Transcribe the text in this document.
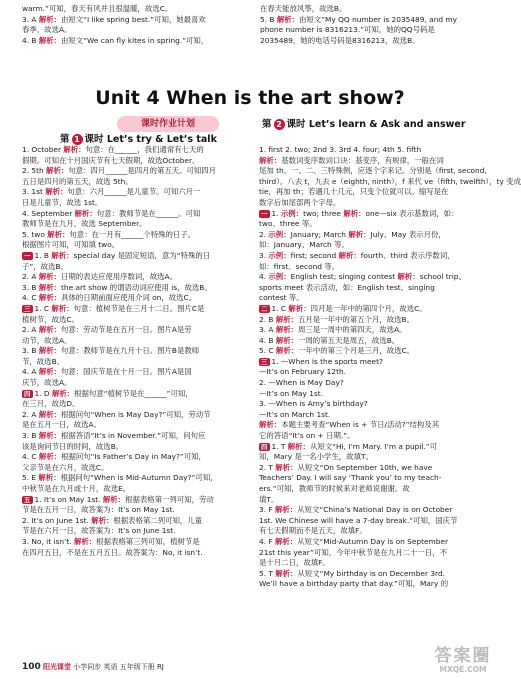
warm.”可知，春天有风并且很温暖，故选C。
3. A 解析：由短文“I like spring best.”可知，她最喜欢
春季，故选A。
4. B 解析：由短文“We can fly kites in spring.”可知，
在春天能放风筝，故选B。
5. B 解析：由短文“My QQ number is 2035489, and my
phone number is 8316213.”可知，她的QQ号码是
2035489，她的电话号码是8316213，故选B。
Unit 4 When is the art show?
课时作业计划
第 1 课时 Let’s try & Let’s talk
第 2 课时 Let’s learn & Ask and answer
1. October 解析：句意：在______，我们通常有七天的
假期。可知在十月国庆节有七天假期，故选October。
2. 5th 解析：句意：四月______是四月的第五天。可知四月
五日是四月的第五天，故选 5th。
3. 1st 解析：句意：六月______是儿童节。可知六月一
日是儿童节，故选 1st。
4. September 解析：句意：教师节是在______。可知
教师节是在九月，故选 September。
5. two 解析：句意：在一月有______个特殊的日子。
根据图片可知，可知填 two。
一 1. B 解析：special day 是固定短语，意为“特殊的日
子”，故选B。
2. A 解析：日期的表达应使用序数词，故选A。
3. B 解析：the art show 的谓语动词应使用 is，故选B。
4. C 解析：具体的日期前面应使用介词 on，故选C。
三 1. C 解析：句意：植树节是在三月十二日。图片C是
植树节，故选C。
2. A 解析：句意：劳动节是在五月一日。图片A是劳
动节，故选A。
3. B 解析：句意：教师节是在九月十日。图片B是教师
节，故选B。
4. A 解析：句意：国庆节是在十月一日。图片A是国
庆节，故选A。
四 1. D 解析：根据句意“植树节是在______”可知，
在三月，故选D。
2. A 解析：根据问句“When is May Day?”可知，劳动节
是在五月一日，故选A。
3. B 解析：根据答语“It’s in November.”可知，问句应
该是询问节日的时间，故选B。
4. C 解析：根据问句“Is Father’s Day in May?”可知，
父亲节是在六月，故选C。
5. E 解析：根据问句“When is Mid-Autumn Day?”可知，
中秋节是在九月或十月，故选E。
五 1. It’s on May 1st. 解析：根据表格第一列可知，劳动
节是在五月一日，故答案为：It’s on May 1st.
2. It’s on June 1st. 解析：根据表格第二列可知，儿童
节是在六月一日，故答案为：It’s on June 1st.
3. No, it isn’t. 解析：根据表格第三列可知，植树节是
在四月五日，不是在五月五日。故答案为：No, it isn’t.
1. first 2. two; 2nd 3. 3rd 4. four; 4th 5. fifth
解析：基数词变序数词口诀：基变序，有规律，一般在词
尾加 th。一、二、三特殊例，应逐个字来记。分别是（first, second,
third）。八去 t，九去 e（eighth, ninth），f 来代 ve（fifth, twelfth），ty 变成
tie，再加 th；若遇几十几元，只变个位就可以。缩写是在
数字后加尾部两个字母。
一 1. 示例：two; three 解析：one—six 表示基数词，如：
two、three 等。
2. 示例：January; March 解析：July、May 表示月份，
如：January、March 等。
3. 示例：first; second 解析：fourth、third 表示序数词，
如：first、second 等。
4. 示例：English test; singing contest 解析：school trip、
sports meet 表示活动，如：English test、singing
contest 等。
二 1. C 解析：四月是一年中的第四个月，故选C。
2. B 解析：五月是一年中的第五个月，故选B。
3. A 解析：周三是一周中的第四天，故选A。
4. B 解析：一周的第五天是周五，故选B。
5. C 解析：一年中的第三个月是三月，故选C。
三 1. —When is the sports meet?
—It’s on February 12th.
2. —When is May Day?
—It’s on May 1st.
3. —When is Amy’s birthday?
—It’s on March 1st.
解析：本题主要考查“When is + 节日/活动?”结构及其
它的答语“It’s on + 日期.”。
四 1. T 解析：从短文“Hi, I’m Mary. I’m a pupil.”可
知，Mary 是一名小学生，故填T。
2. T 解析：从短文“On September 10th, we have
Teachers’ Day. I will say ‘Thank you’ to my teach-
ers.”可知，教师节的时候来对老师说谢谢。故
填T。
3. F 解析：从短文“China’s National Day is on October
1st. We Chinese will have a 7-day break.”可知，国庆节
有七天假期而不是五天，故填F。
4. F 解析：从短文“Mid-Autumn Day is on September
21st this year”可知，今年中秋节是在九月二十一日，不
是十月二日，故填F。
5. T 解析：从短文“My birthday is on December 3rd.
We’ll have a birthday party that day.”可知，Mary 的
100 阳光课堂 小学同步 英语 五年级下册 RJ
答案圈
MXQE.COM
